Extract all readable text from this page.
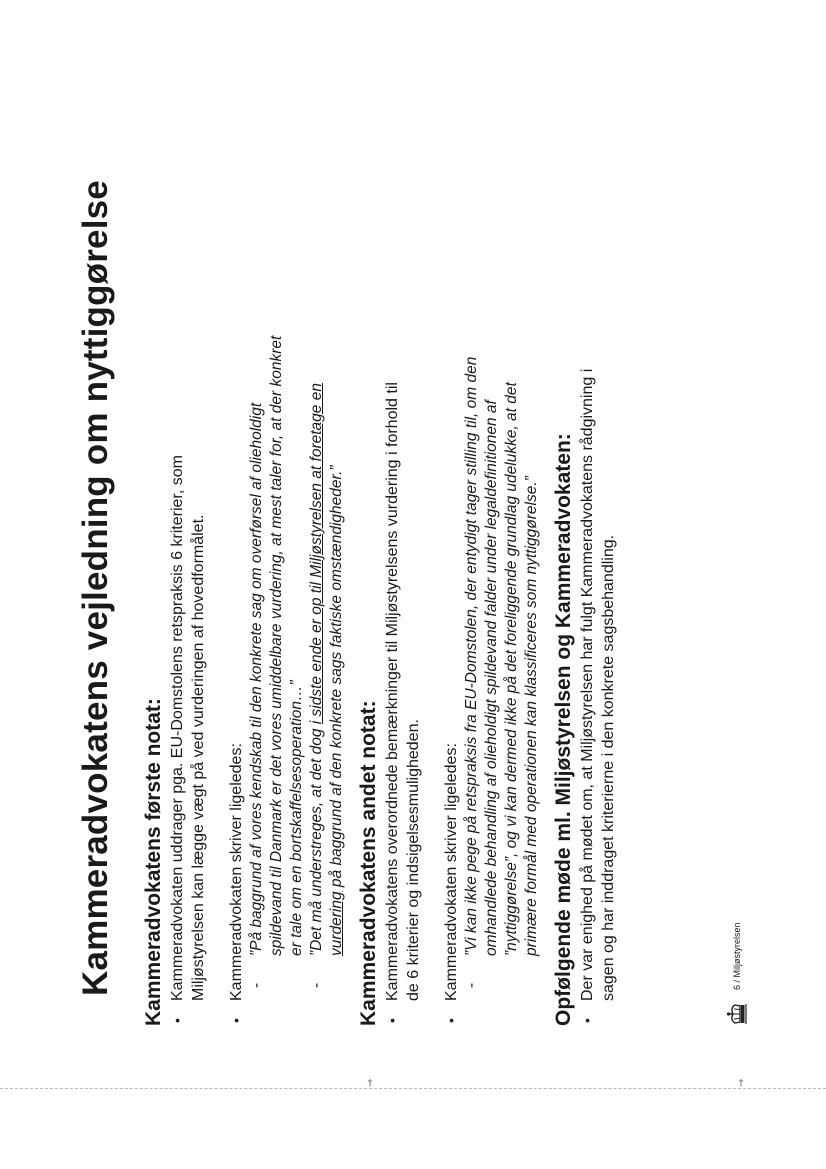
†	†
Kammeradvokatens vejledning om nyttiggørelse Kammeradvokatens første notat: •
Kammeradvokaten uddrager pga. EU-Domstolens retspraksis 6 kriterier, som Miljøstyrelsen kan lægge vægt på ved vurderingen af hovedformålet.
•
Kammeradvokaten skriver ligeledes: -
”På baggrund af vores kendskab til den konkrete sag om overførsel af olieholdigt spildevand til Danmark er det vores umiddelbare vurdering, at mest taler for, at der konkret er tale om en bortskaffelsesoperation…”
-
”Det må understreges, at det dog i sidste ende er op til Miljøstyrelsen at foretage en
vurdering på baggrund af den konkrete sags faktiske omstændigheder.” Kammeradvokatens andet notat: •
Kammeradvokatens overordnede bemærkninger til Miljøstyrelsens vurdering i forhold til de 6 kriterier og indsigelsesmuligheden.
•
Kammeradvokaten skriver ligeledes: -
”Vi kan ikke pege på retspraksis fra EU-Domstolen, der entydigt tager stilling til, om den omhandlede behandling af olieholdigt spildevand falder under legaldefinitionen af ”nyttiggørelse”, og vi kan dermed ikke på det foreliggende grundlag udelukke, at det primære formål med operationen kan klassificeres som nyttiggørelse.” Opfølgende møde ml. Miljøstyrelsen og Kammeradvokaten: •
Der var enighed på mødet om, at Miljøstyrelsen har fulgt Kammeradvokatens rådgivning i sagen og har inddraget kriterierne i den konkrete sagsbehandling.	6 / Miljøstyrelsen
